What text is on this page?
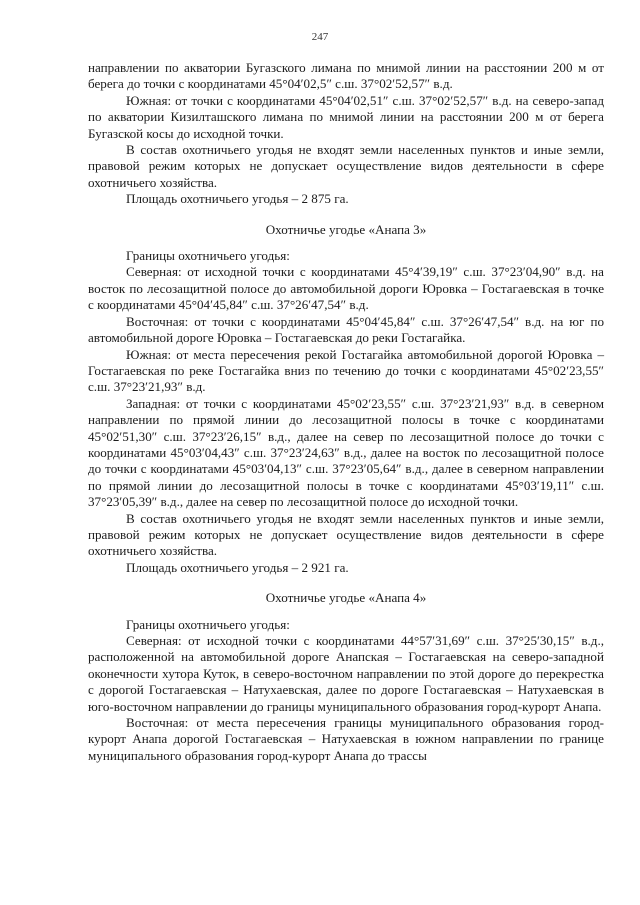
247

направлении по акватории Бугазского лимана по мнимой линии на расстоянии 200 м от берега до точки с координатами 45°04′02,5″ с.ш. 37°02′52,57″ в.д.

Южная: от точки с координатами 45°04′02,51″ с.ш. 37°02′52,57″ в.д. на северо-запад по акватории Кизилташского лимана по мнимой линии на расстоянии 200 м от берега Бугазской косы до исходной точки.

В состав охотничьего угодья не входят земли населенных пунктов и иные земли, правовой режим которых не допускает осуществление видов деятельности в сфере охотничьего хозяйства.

Площадь охотничьего угодья – 2 875 га.

Охотничье угодье «Анапа 3»

Границы охотничьего угодья:

Северная: от исходной точки с координатами 45°4′39,19″ с.ш. 37°23′04,90″ в.д. на восток по лесозащитной полосе до автомобильной дороги Юровка – Гостагаевская в точке с координатами 45°04′45,84″ с.ш. 37°26′47,54″ в.д.

Восточная: от точки с координатами 45°04′45,84″ с.ш. 37°26′47,54″ в.д. на юг по автомобильной дороге Юровка – Гостагаевская до реки Гостагайка.

Южная: от места пересечения рекой Гостагайка автомобильной дорогой Юровка – Гостагаевская по реке Гостагайка вниз по течению до точки с координатами 45°02′23,55″ с.ш. 37°23′21,93″ в.д.

Западная: от точки с координатами 45°02′23,55″ с.ш. 37°23′21,93″ в.д. в северном направлении по прямой линии до лесозащитной полосы в точке с координатами 45°02′51,30″ с.ш. 37°23′26,15″ в.д., далее на север по лесозащитной полосе до точки с координатами 45°03′04,43″ с.ш. 37°23′24,63″ в.д., далее на восток по лесозащитной полосе до точки с координатами 45°03′04,13″ с.ш. 37°23′05,64″ в.д., далее в северном направлении по прямой линии до лесозащитной полосы в точке с координатами 45°03′19,11″ с.ш. 37°23′05,39″ в.д., далее на север по лесозащитной полосе до исходной точки.

В состав охотничьего угодья не входят земли населенных пунктов и иные земли, правовой режим которых не допускает осуществление видов деятельности в сфере охотничьего хозяйства.

Площадь охотничьего угодья – 2 921 га.

Охотничье угодье «Анапа 4»

Границы охотничьего угодья:

Северная: от исходной точки с координатами 44°57′31,69″ с.ш. 37°25′30,15″ в.д., расположенной на автомобильной дороге Анапская – Гостагаевская на северо-западной оконечности хутора Куток, в северо-восточном направлении по этой дороге до перекрестка с дорогой Гостагаевская – Натухаевская, далее по дороге Гостагаевская – Натухаевская в юго-восточном направлении до границы муниципального образования город-курорт Анапа.

Восточная: от места пересечения границы муниципального образования город-курорт Анапа дорогой Гостагаевская – Натухаевская в южном направлении по границе муниципального образования город-курорт Анапа до трассы
